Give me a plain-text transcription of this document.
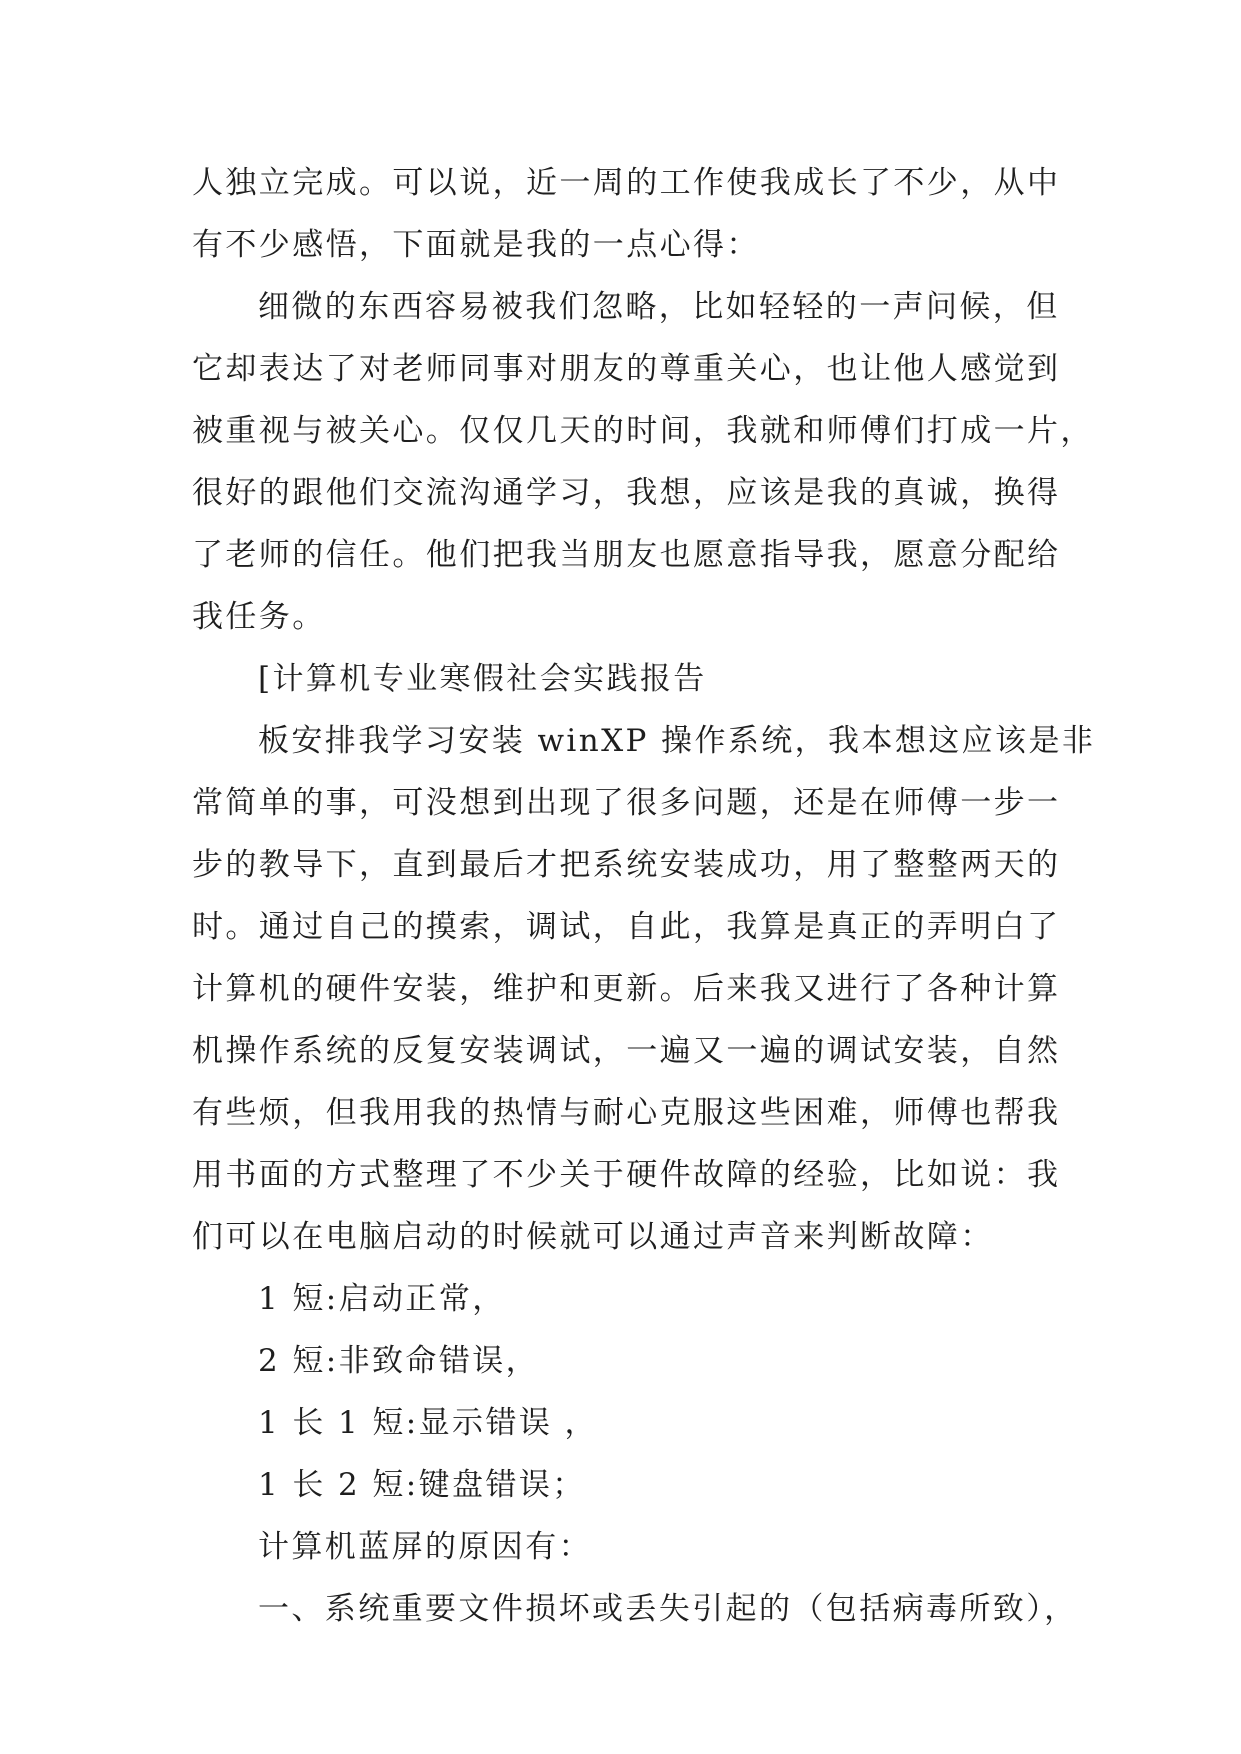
人独立完成。可以说，近一周的工作使我成长了不少，从中
有不少感悟，下面就是我的一点心得：
细微的东西容易被我们忽略，比如轻轻的一声问候，但
它却表达了对老师同事对朋友的尊重关心，也让他人感觉到
被重视与被关心。仅仅几天的时间，我就和师傅们打成一片，
很好的跟他们交流沟通学习，我想，应该是我的真诚，换得
了老师的信任。他们把我当朋友也愿意指导我，愿意分配给
我任务。
[计算机专业寒假社会实践报告
板安排我学习安装 winXP 操作系统，我本想这应该是非
常简单的事，可没想到出现了很多问题，还是在师傅一步一
步的教导下，直到最后才把系统安装成功，用了整整两天的
时。通过自己的摸索，调试，自此，我算是真正的弄明白了
计算机的硬件安装，维护和更新。后来我又进行了各种计算
机操作系统的反复安装调试，一遍又一遍的调试安装，自然
有些烦，但我用我的热情与耐心克服这些困难，师傅也帮我
用书面的方式整理了不少关于硬件故障的经验，比如说：我
们可以在电脑启动的时候就可以通过声音来判断故障：
1 短:启动正常，
2 短:非致命错误，
1 长 1 短:显示错误 ，
1 长 2 短:键盘错误；
计算机蓝屏的原因有：
一、系统重要文件损坏或丢失引起的（包括病毒所致），
